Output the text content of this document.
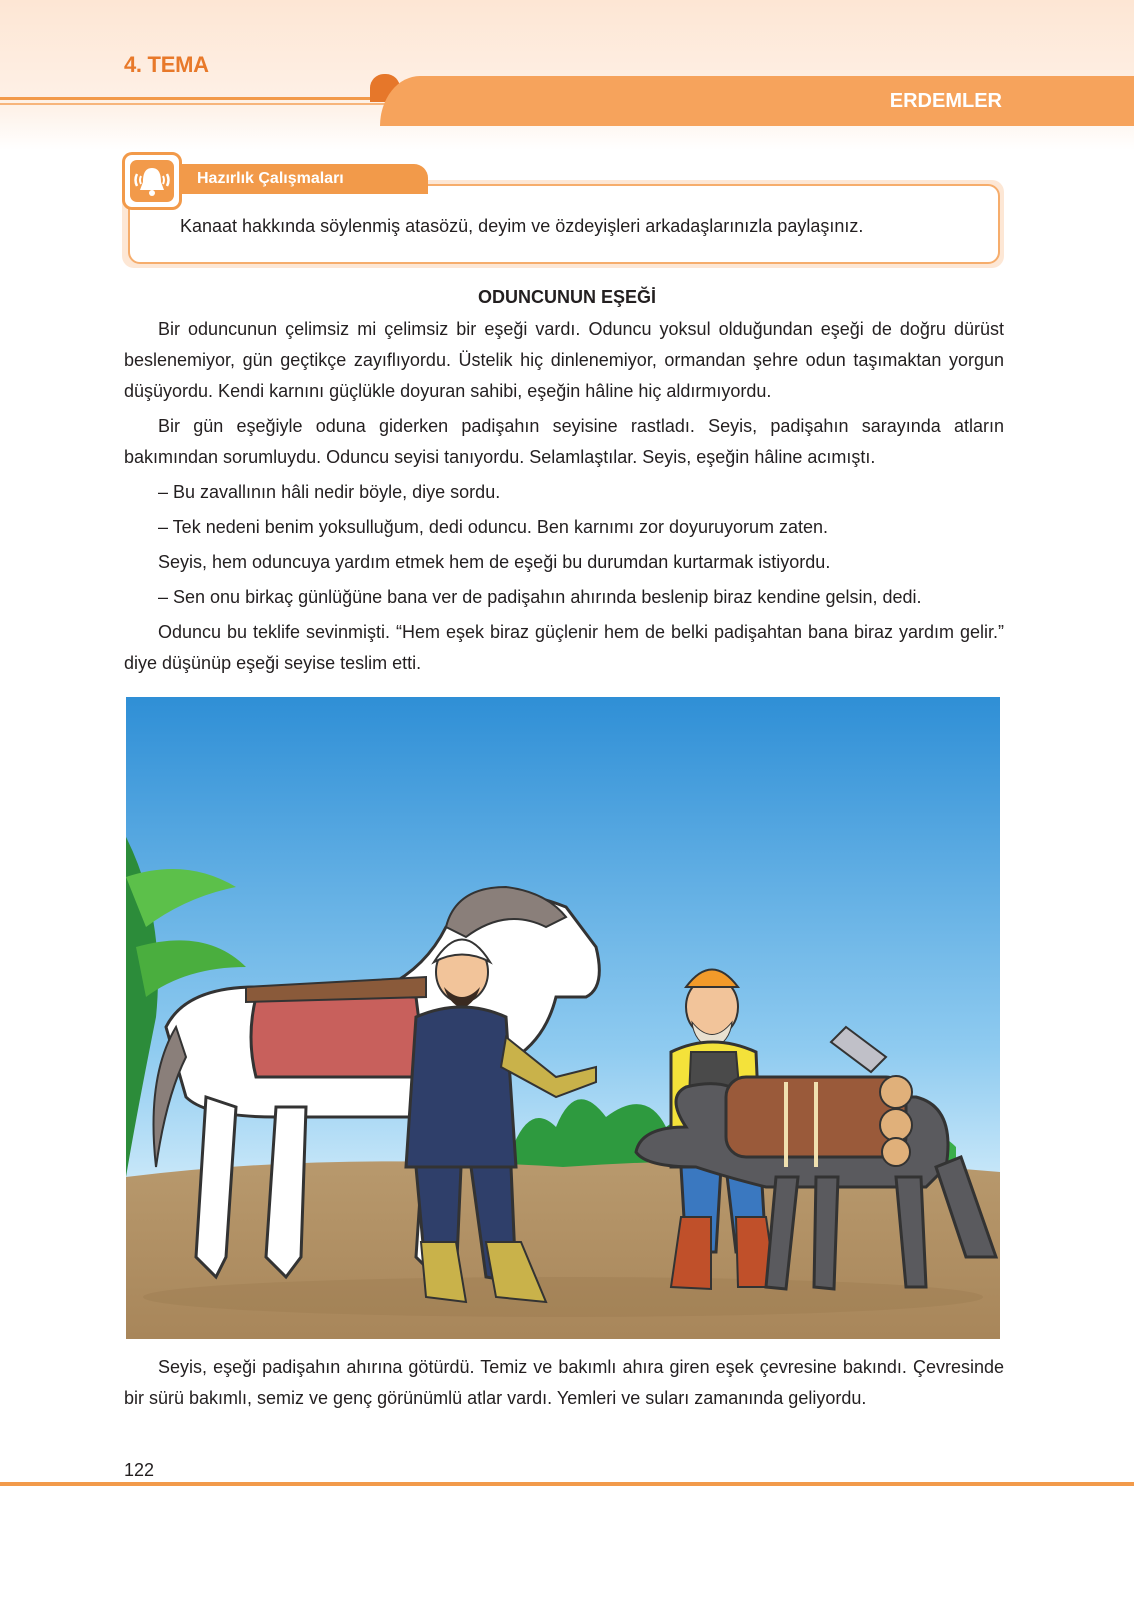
4. TEMA
ERDEMLER
Hazırlık Çalışmaları
Kanaat hakkında söylenmiş atasözü, deyim ve özdeyişleri arkadaşlarınızla paylaşınız.
ODUNCUNUN EŞEĞİ

Bir oduncunun çelimsiz mi çelimsiz bir eşeği vardı. Oduncu yoksul olduğundan eşeği de doğru dürüst beslenemiyor, gün geçtikçe zayıflıyordu. Üstelik hiç dinlenemiyor, ormandan şehre odun taşımaktan yorgun düşüyordu. Kendi karnını güçlükle doyuran sahibi, eşeğin hâline hiç aldırmıyordu.

Bir gün eşeğiyle oduna giderken padişahın seyisine rastladı. Seyis, padişahın sarayında atların bakımından sorumluydu. Oduncu seyisi tanıyordu. Selamlaştılar. Seyis, eşeğin hâline acımıştı.

– Bu zavallının hâli nedir böyle, diye sordu.

– Tek nedeni benim yoksulluğum, dedi oduncu. Ben karnımı zor doyuruyorum zaten.

Seyis, hem oduncuya yardım etmek hem de eşeği bu durumdan kurtarmak istiyordu.

– Sen onu birkaç günlüğüne bana ver de padişahın ahırında beslenip biraz kendine gelsin, dedi.

Oduncu bu teklife sevinmişti. “Hem eşek biraz güçlenir hem de belki padişahtan bana biraz yardım gelir.” diye düşünüp eşeği seyise teslim etti.

Seyis, eşeği padişahın ahırına götürdü. Temiz ve bakımlı ahıra giren eşek çevresine bakındı. Çevresinde bir sürü bakımlı, semiz ve genç görünümlü atlar vardı. Yemleri ve suları zamanında geliyordu.

122
